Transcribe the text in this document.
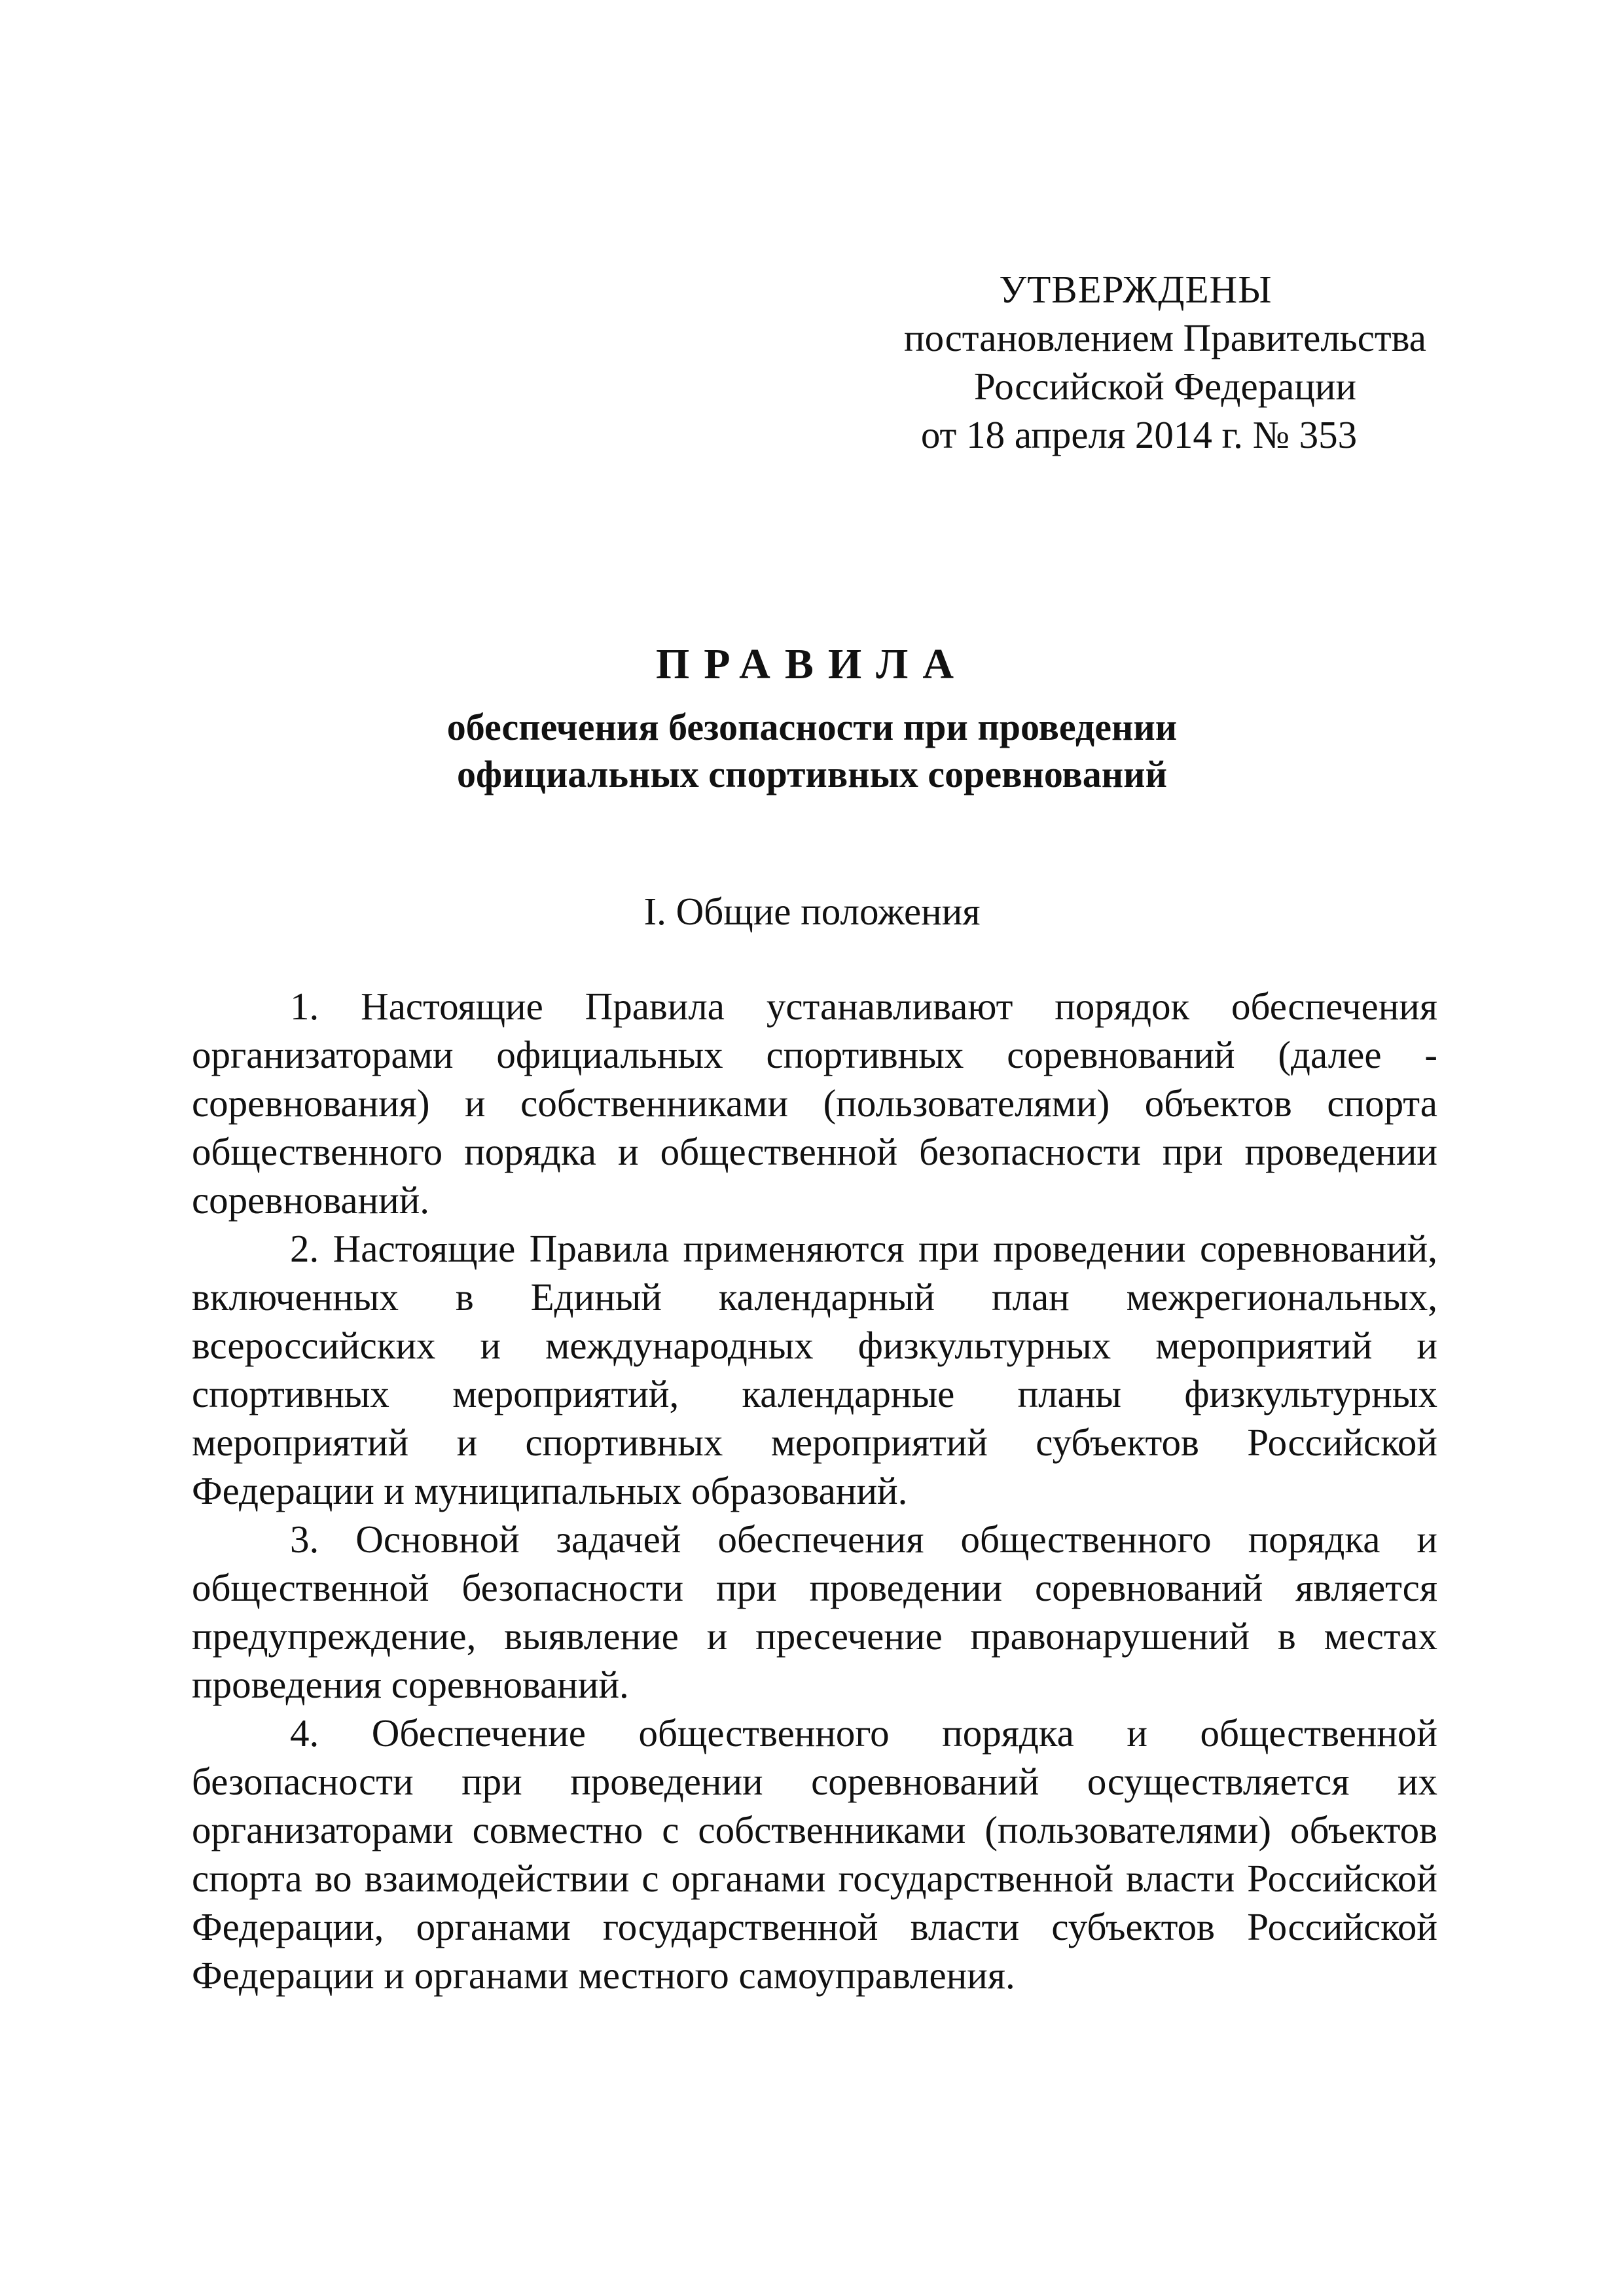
УТВЕРЖДЕНЫ
постановлением Правительства
Российской Федерации
от 18 апреля 2014 г. № 353
ПРАВИЛА
обеспечения безопасности при проведении
официальных спортивных соревнований
I. Общие положения

1. Настоящие Правила устанавливают порядок обеспечения организаторами официальных спортивных соревнований (далее - соревнования) и собственниками (пользователями) объектов спорта общественного порядка и общественной безопасности при проведении соревнований.

2. Настоящие Правила применяются при проведении соревнований, включенных в Единый календарный план межрегиональных, всероссийских и международных физкультурных мероприятий и спортивных мероприятий, календарные планы физкультурных мероприятий и спортивных мероприятий субъектов Российской Федерации и муниципальных образований.

3. Основной задачей обеспечения общественного порядка и общественной безопасности при проведении соревнований является предупреждение, выявление и пресечение правонарушений в местах проведения соревнований.

4. Обеспечение общественного порядка и общественной безопасности при проведении соревнований осуществляется их организаторами совместно с собственниками (пользователями) объектов спорта во взаимодействии с органами государственной власти Российской Федерации, органами государственной власти субъектов Российской Федерации и органами местного самоуправления.
